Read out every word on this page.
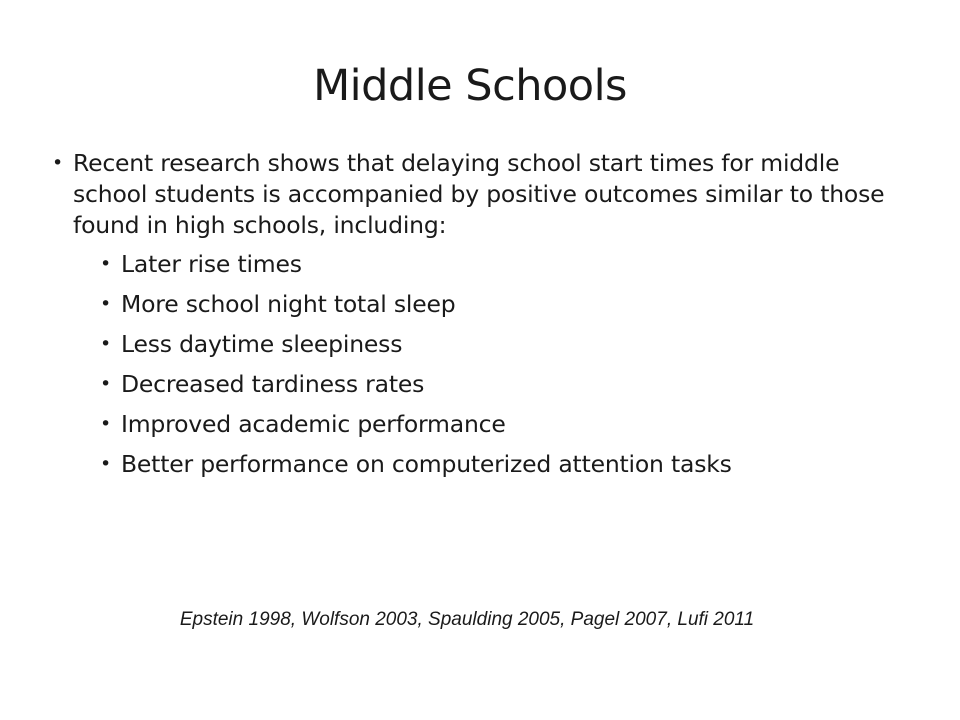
Middle Schools
• Recent research shows that delaying school start times for middle school students is accompanied by positive outcomes similar to those found in high schools, including:
• Later rise times
• More school night total sleep
• Less daytime sleepiness
• Decreased tardiness rates
• Improved academic performance
• Better performance on computerized attention tasks
Epstein 1998, Wolfson 2003, Spaulding 2005, Pagel 2007, Lufi 2011
